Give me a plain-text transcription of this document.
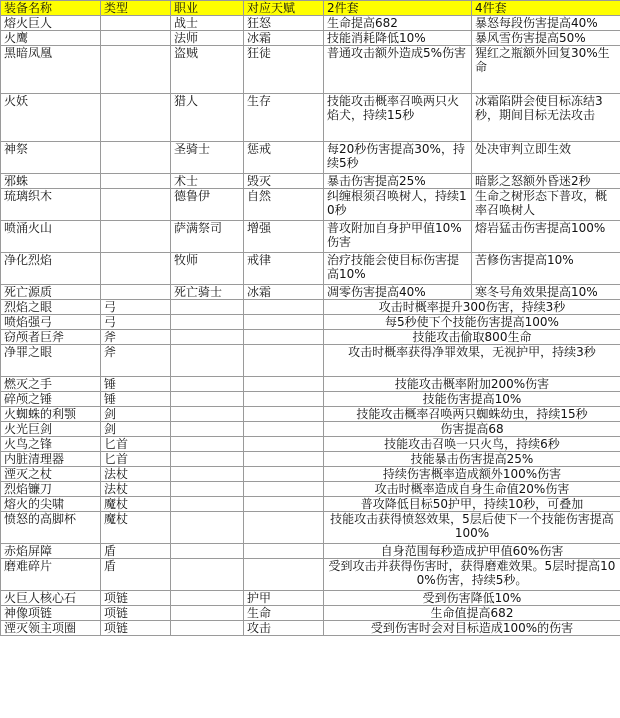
装备名称	类型	职业	对应天赋	2件套	4件套
熔火巨人		战士	狂怒	生命提高682	暴怒每段伤害提高40%
火鹰		法师	冰霜	技能消耗降低10%	暴风雪伤害提高50%
黑暗凤凰		盗贼	狂徒	普通攻击额外造成5%伤害	猩红之瓶额外回复30%生命
火妖		猎人	生存	技能攻击概率召唤两只火焰犬，持续15秒	冰霜陷阱会使目标冻结3秒，期间目标无法攻击
神祭		圣骑士	惩戒	每20秒伤害提高30%，持续5秒	处决审判立即生效
邪蛛		术士	毁灭	暴击伤害提高25%	暗影之怒额外昏迷2秒
琉璃织木		德鲁伊	自然	纠缠根须召唤树人，持续10秒	生命之树形态下普攻，概率召唤树人
喷涌火山		萨满祭司	增强	普攻附加自身护甲值10%伤害	熔岩猛击伤害提高100%
净化烈焰		牧师	戒律	治疗技能会使目标伤害提高10%	苦修伤害提高10%
死亡源质		死亡骑士	冰霜	凋零伤害提高40%	寒冬号角效果提高10%
烈焰之眼	弓			攻击时概率提升300伤害，持续3秒	
喷焰强弓	弓			每5秒使下个技能伤害提高100%	
窃颅者巨斧	斧			技能攻击偷取800生命	
净罪之眼	斧			攻击时概率获得净罪效果，无视护甲，持续3秒	
燃灭之手	锤			技能攻击概率附加200%伤害	
碎颅之锤	锤			技能伤害提高10%	
火蜘蛛的利颚	剑			技能攻击概率召唤两只蜘蛛幼虫，持续15秒	
火光巨剑	剑			伤害提高68	
火鸟之锋	匕首			技能攻击召唤一只火鸟，持续6秒	
内脏清理器	匕首			技能暴击伤害提高25%	
湮灭之杖	法杖			持续伤害概率造成额外100%伤害	
烈焰镰刀	法杖			攻击时概率造成自身生命值20%伤害	
熔火的尖啸	魔杖			普攻降低目标50护甲，持续10秒，可叠加	
愤怒的高脚杯	魔杖			技能攻击获得愤怒效果，5层后使下一个技能伤害提高100%	
赤焰屏障	盾			自身范围每秒造成护甲值60%伤害	
磨难碎片	盾			受到攻击并获得伤害时，获得磨难效果。5层时提高100%伤害，持续5秒。	
火巨人核心石	项链		护甲	受到伤害降低10%	
神像项链	项链		生命	生命值提高682	
湮灭领主项圈	项链		攻击	受到伤害时会对目标造成100%的伤害	
